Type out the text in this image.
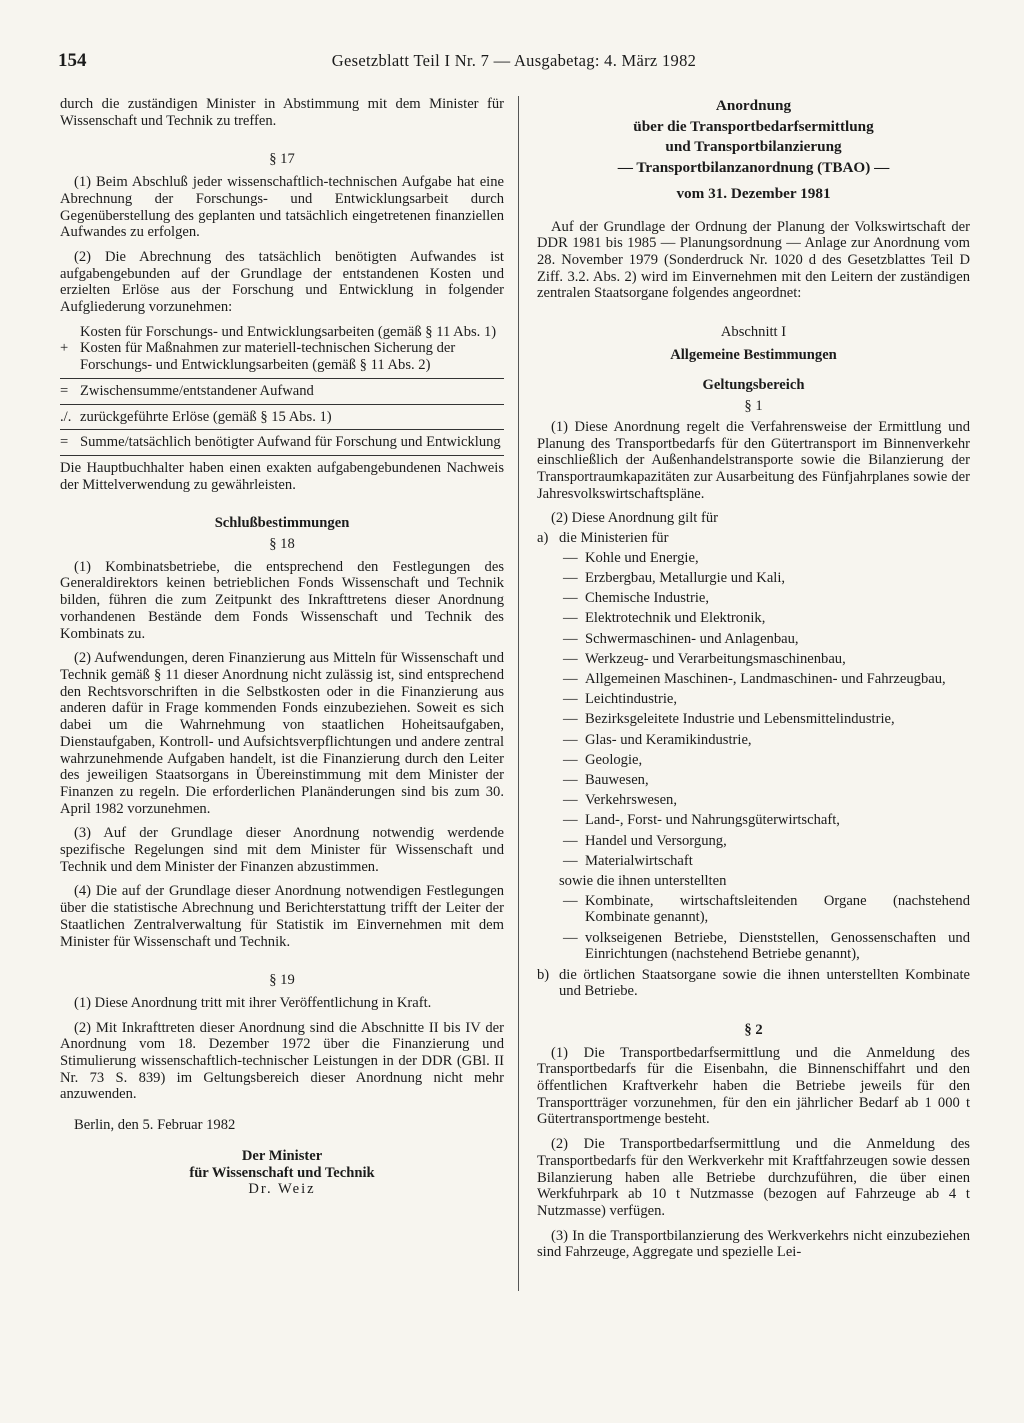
154	Gesetzblatt Teil I Nr. 7 — Ausgabetag: 4. März 1982

durch die zuständigen Minister in Abstimmung mit dem Minister für Wissenschaft und Technik zu treffen.

§ 17

(1) Beim Abschluß jeder wissenschaftlich-technischen Aufgabe hat eine Abrechnung der Forschungs- und Entwicklungsarbeit durch Gegenüberstellung des geplanten und tatsächlich eingetretenen finanziellen Aufwandes zu erfolgen.

(2) Die Abrechnung des tatsächlich benötigten Aufwandes ist aufgabengebunden auf der Grundlage der entstandenen Kosten und erzielten Erlöse aus der Forschung und Entwicklung in folgender Aufgliederung vorzunehmen:

Kosten für Forschungs- und Entwicklungsarbeiten (gemäß § 11 Abs. 1)
+ Kosten für Maßnahmen zur materiell-technischen Sicherung der Forschungs- und Entwicklungsarbeiten (gemäß § 11 Abs. 2)
= Zwischensumme/entstandener Aufwand
./. zurückgeführte Erlöse (gemäß § 15 Abs. 1)
= Summe/tatsächlich benötigter Aufwand für Forschung und Entwicklung

Die Hauptbuchhalter haben einen exakten aufgabengebundenen Nachweis der Mittelverwendung zu gewährleisten.

Schlußbestimmungen

§ 18

(1) Kombinatsbetriebe, die entsprechend den Festlegungen des Generaldirektors keinen betrieblichen Fonds Wissenschaft und Technik bilden, führen die zum Zeitpunkt des Inkrafttretens dieser Anordnung vorhandenen Bestände dem Fonds Wissenschaft und Technik des Kombinats zu.

(2) Aufwendungen, deren Finanzierung aus Mitteln für Wissenschaft und Technik gemäß § 11 dieser Anordnung nicht zulässig ist, sind entsprechend den Rechtsvorschriften in die Selbstkosten oder in die Finanzierung aus anderen dafür in Frage kommenden Fonds einzubeziehen. Soweit es sich dabei um die Wahrnehmung von staatlichen Hoheitsaufgaben, Dienstaufgaben, Kontroll- und Aufsichtsverpflichtungen und andere zentral wahrzunehmende Aufgaben handelt, ist die Finanzierung durch den Leiter des jeweiligen Staatsorgans in Übereinstimmung mit dem Minister der Finanzen zu regeln. Die erforderlichen Planänderungen sind bis zum 30. April 1982 vorzunehmen.

(3) Auf der Grundlage dieser Anordnung notwendig werdende spezifische Regelungen sind mit dem Minister für Wissenschaft und Technik und dem Minister der Finanzen abzustimmen.

(4) Die auf der Grundlage dieser Anordnung notwendigen Festlegungen über die statistische Abrechnung und Berichterstattung trifft der Leiter der Staatlichen Zentralverwaltung für Statistik im Einvernehmen mit dem Minister für Wissenschaft und Technik.

§ 19

(1) Diese Anordnung tritt mit ihrer Veröffentlichung in Kraft.

(2) Mit Inkrafttreten dieser Anordnung sind die Abschnitte II bis IV der Anordnung vom 18. Dezember 1972 über die Finanzierung und Stimulierung wissenschaftlich-technischer Leistungen in der DDR (GBl. II Nr. 73 S. 839) im Geltungsbereich dieser Anordnung nicht mehr anzuwenden.

Berlin, den 5. Februar 1982

Der Minister

für Wissenschaft und Technik

Dr. Weiz

Anordnung

über die Transportbedarfsermittlung

und Transportbilanzierung

— Transportbilanzanordnung (TBAO) —

vom 31. Dezember 1981

Auf der Grundlage der Ordnung der Planung der Volkswirtschaft der DDR 1981 bis 1985 — Planungsordnung — Anlage zur Anordnung vom 28. November 1979 (Sonderdruck Nr. 1020 d des Gesetzblattes Teil D Ziff. 3.2. Abs. 2) wird im Einvernehmen mit den Leitern der zuständigen zentralen Staatsorgane folgendes angeordnet:

Abschnitt I

Allgemeine Bestimmungen

Geltungsbereich

§ 1

(1) Diese Anordnung regelt die Verfahrensweise der Ermittlung und Planung des Transportbedarfs für den Gütertransport im Binnenverkehr einschließlich der Außenhandelstransporte sowie die Bilanzierung der Transportraumkapazitäten zur Ausarbeitung des Fünfjahrplanes sowie der Jahresvolkswirtschaftspläne.

(2) Diese Anordnung gilt für

a) die Ministerien für
— Kohle und Energie,
— Erzbergbau, Metallurgie und Kali,
— Chemische Industrie,
— Elektrotechnik und Elektronik,
— Schwermaschinen- und Anlagenbau,
— Werkzeug- und Verarbeitungsmaschinenbau,
— Allgemeinen Maschinen-, Landmaschinen- und Fahrzeugbau,
— Leichtindustrie,
— Bezirksgeleitete Industrie und Lebensmittelindustrie,
— Glas- und Keramikindustrie,
— Geologie,
— Bauwesen,
— Verkehrswesen,
— Land-, Forst- und Nahrungsgüterwirtschaft,
— Handel und Versorgung,
— Materialwirtschaft

sowie die ihnen unterstellten

— Kombinate, wirtschaftsleitenden Organe (nachstehend Kombinate genannt),
— volkseigenen Betriebe, Dienststellen, Genossenschaften und Einrichtungen (nachstehend Betriebe genannt),
b) die örtlichen Staatsorgane sowie die ihnen unterstellten Kombinate und Betriebe.

§ 2

(1) Die Transportbedarfsermittlung und die Anmeldung des Transportbedarfs für die Eisenbahn, die Binnenschiffahrt und den öffentlichen Kraftverkehr haben die Betriebe jeweils für den Transportträger vorzunehmen, für den ein jährlicher Bedarf ab 1 000 t Gütertransportmenge besteht.

(2) Die Transportbedarfsermittlung und die Anmeldung des Transportbedarfs für den Werkverkehr mit Kraftfahrzeugen sowie dessen Bilanzierung haben alle Betriebe durchzuführen, die über einen Werkfuhrpark ab 10 t Nutzmasse (bezogen auf Fahrzeuge ab 4 t Nutzmasse) verfügen.

(3) In die Transportbilanzierung des Werkverkehrs nicht einzubeziehen sind Fahrzeuge, Aggregate und spezielle Lei-
